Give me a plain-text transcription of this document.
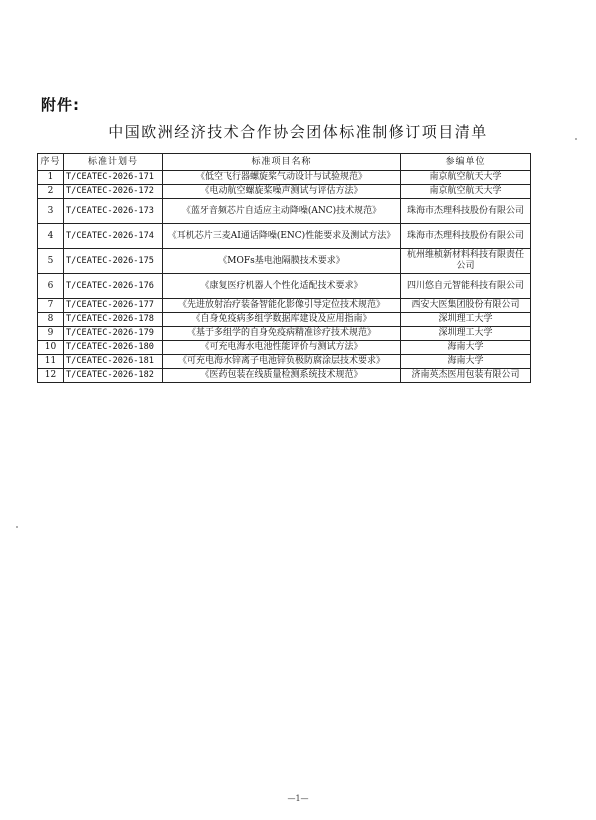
附件:
中国欧洲经济技术合作协会团体标准制修订项目清单
序号	标准计划号	标准项目名称	参编单位
1	T/CEATEC-2026-171	《低空飞行器螺旋桨气动设计与试验规范》	南京航空航天大学
2	T/CEATEC-2026-172	《电动航空螺旋桨噪声测试与评估方法》	南京航空航天大学
3	T/CEATEC-2026-173	《蓝牙音频芯片自适应主动降噪(ANC)技术规范》	珠海市杰理科技股份有限公司
4	T/CEATEC-2026-174	《耳机芯片三麦AI通话降噪(ENC)性能要求及测试方法》	珠海市杰理科技股份有限公司
5	T/CEATEC-2026-175	《MOFs基电池隔膜技术要求》	杭州维桢新材料科技有限责任公司
6	T/CEATEC-2026-176	《康复医疗机器人个性化适配技术要求》	四川悠自元智能科技有限公司
7	T/CEATEC-2026-177	《先进放射治疗装备智能化影像引导定位技术规范》	西安大医集团股份有限公司
8	T/CEATEC-2026-178	《自身免疫病多组学数据库建设及应用指南》	深圳理工大学
9	T/CEATEC-2026-179	《基于多组学的自身免疫病精准诊疗技术规范》	深圳理工大学
10	T/CEATEC-2026-180	《可充电海水电池性能评价与测试方法》	海南大学
11	T/CEATEC-2026-181	《可充电海水锌离子电池锌负极防腐涂层技术要求》	海南大学
12	T/CEATEC-2026-182	《医药包装在线质量检测系统技术规范》	济南英杰医用包装有限公司
—1—
